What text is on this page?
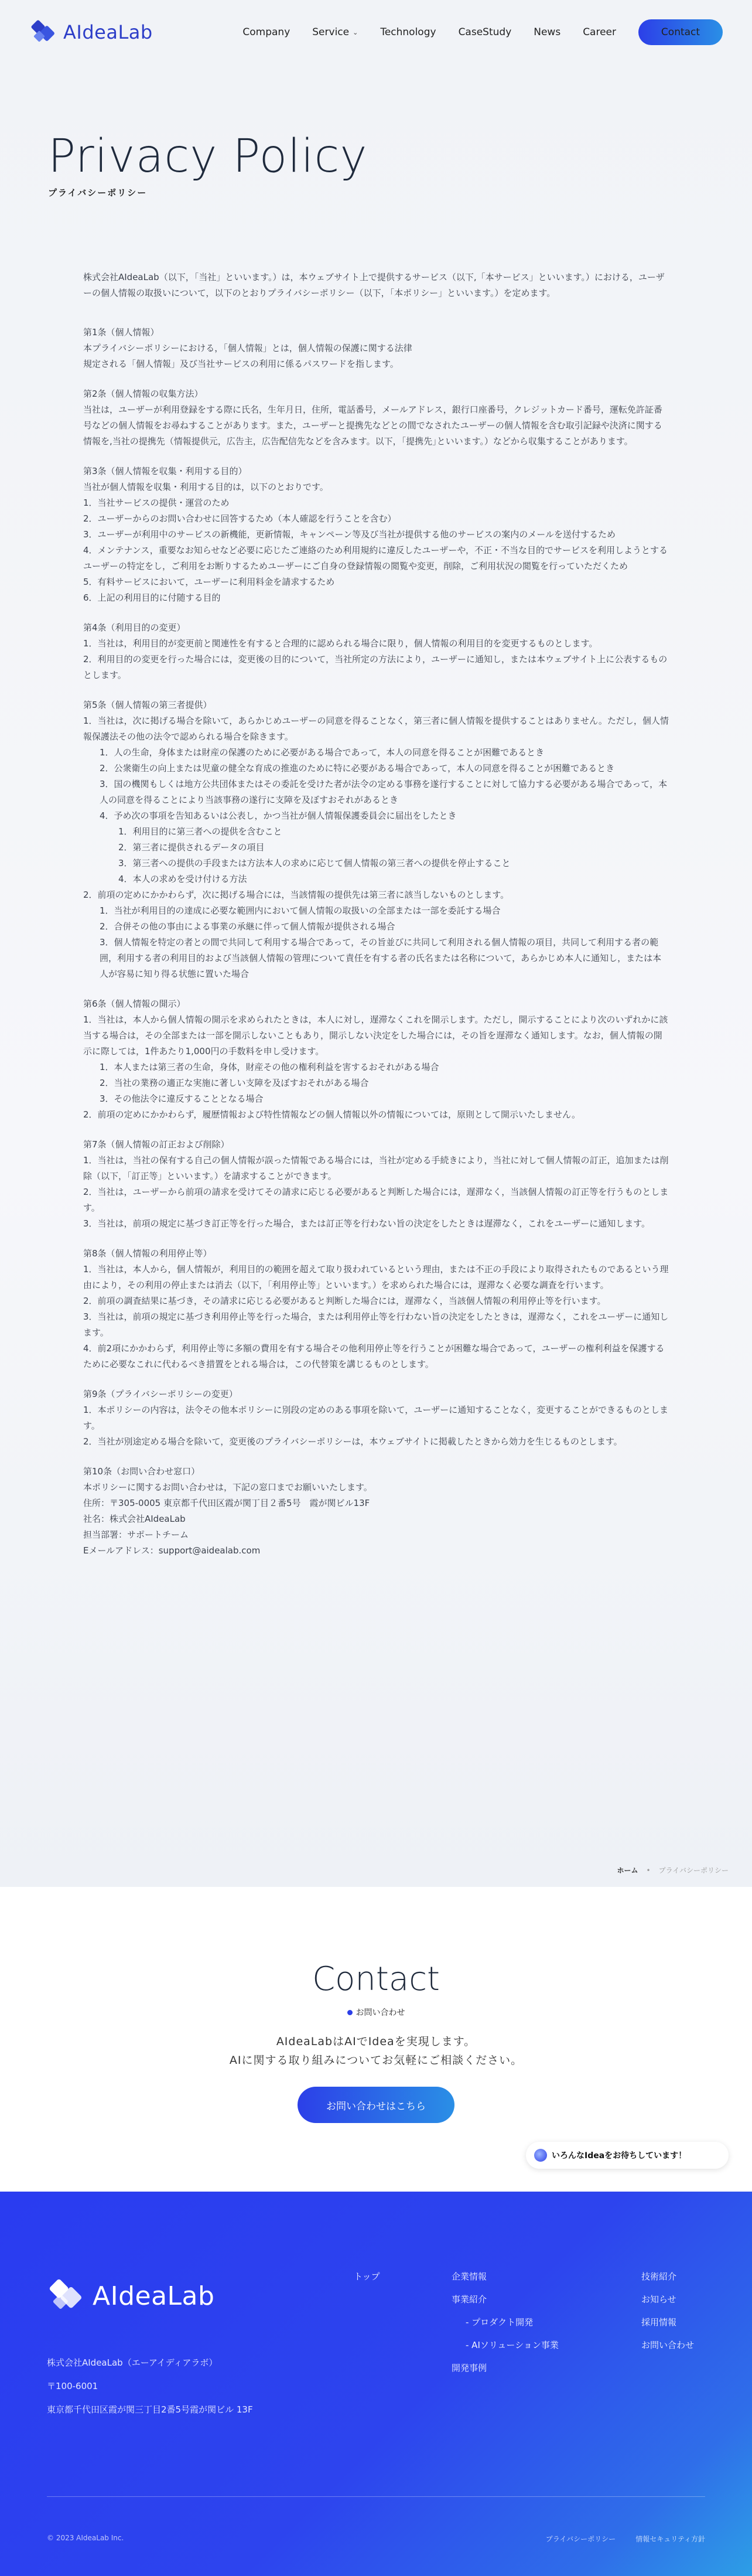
AIdeaLab	Company Service ⌄ Technology CaseStudy News Career	Contact
Privacy Policy
プライバシーポリシー

株式会社AIdeaLab（以下，「当社」といいます。）は，本ウェブサイト上で提供するサービス（以下,「本サービス」といいます。）における，ユーザーの個人情報の取扱いについて，以下のとおりプライバシーポリシー（以下，「本ポリシー」といいます。）を定めます。

第1条（個人情報）

本プライバシーポリシーにおける，「個人情報」とは，個人情報の保護に関する法律

規定される「個人情報」及び当社サービスの利用に係るパスワードを指します。

第2条（個人情報の収集方法）

当社は，ユーザーが利用登録をする際に氏名，生年月日，住所，電話番号，メールアドレス，銀行口座番号，クレジットカード番号，運転免許証番号などの個人情報をお尋ねすることがあります。また，ユーザーと提携先などとの間でなされたユーザーの個人情報を含む取引記録や決済に関する情報を,当社の提携先（情報提供元，広告主，広告配信先などを含みます。以下，｢提携先｣といいます。）などから収集することがあります。

第3条（個人情報を収集・利用する目的）

当社が個人情報を収集・利用する目的は，以下のとおりです。

1．当社サービスの提供・運営のため

2．ユーザーからのお問い合わせに回答するため（本人確認を行うことを含む）

3．ユーザーが利用中のサービスの新機能，更新情報，キャンペーン等及び当社が提供する他のサービスの案内のメールを送付するため

4．メンテナンス，重要なお知らせなど必要に応じたご連絡のため利用規約に違反したユーザーや，不正・不当な目的でサービスを利用しようとするユーザーの特定をし，ご利用をお断りするためユーザーにご自身の登録情報の閲覧や変更，削除，ご利用状況の閲覧を行っていただくため

5．有料サービスにおいて，ユーザーに利用料金を請求するため

6．上記の利用目的に付随する目的

第4条（利用目的の変更）

1．当社は，利用目的が変更前と関連性を有すると合理的に認められる場合に限り，個人情報の利用目的を変更するものとします。

2．利用目的の変更を行った場合には，変更後の目的について，当社所定の方法により，ユーザーに通知し，または本ウェブサイト上に公表するものとします。

第5条（個人情報の第三者提供）

1．当社は，次に掲げる場合を除いて，あらかじめユーザーの同意を得ることなく，第三者に個人情報を提供することはありません。ただし，個人情報保護法その他の法令で認められる場合を除きます。

1．人の生命，身体または財産の保護のために必要がある場合であって，本人の同意を得ることが困難であるとき

2．公衆衛生の向上または児童の健全な育成の推進のために特に必要がある場合であって，本人の同意を得ることが困難であるとき

3．国の機関もしくは地方公共団体またはその委託を受けた者が法令の定める事務を遂行することに対して協力する必要がある場合であって，本人の同意を得ることにより当該事務の遂行に支障を及ぼすおそれがあるとき

4．予め次の事項を告知あるいは公表し，かつ当社が個人情報保護委員会に届出をしたとき

1．利用目的に第三者への提供を含むこと

2．第三者に提供されるデータの項目

3．第三者への提供の手段または方法本人の求めに応じて個人情報の第三者への提供を停止すること

4．本人の求めを受け付ける方法

2．前項の定めにかかわらず，次に掲げる場合には，当該情報の提供先は第三者に該当しないものとします。

1．当社が利用目的の達成に必要な範囲内において個人情報の取扱いの全部または一部を委託する場合

2．合併その他の事由による事業の承継に伴って個人情報が提供される場合

3．個人情報を特定の者との間で共同して利用する場合であって，その旨並びに共同して利用される個人情報の項目，共同して利用する者の範囲，利用する者の利用目的および当該個人情報の管理について責任を有する者の氏名または名称について，あらかじめ本人に通知し，または本人が容易に知り得る状態に置いた場合

第6条（個人情報の開示）

1．当社は，本人から個人情報の開示を求められたときは，本人に対し，遅滞なくこれを開示します。ただし，開示することにより次のいずれかに該当する場合は，その全部または一部を開示しないこともあり，開示しない決定をした場合には，その旨を遅滞なく通知します。なお，個人情報の開示に際しては，1件あたり1,000円の手数料を申し受けます。

1．本人または第三者の生命，身体，財産その他の権利利益を害するおそれがある場合

2．当社の業務の適正な実施に著しい支障を及ぼすおそれがある場合

3．その他法令に違反することとなる場合

2．前項の定めにかかわらず，履歴情報および特性情報などの個人情報以外の情報については，原則として開示いたしません。

第7条（個人情報の訂正および削除）

1．当社は，当社の保有する自己の個人情報が誤った情報である場合には，当社が定める手続きにより，当社に対して個人情報の訂正，追加または削除（以下，「訂正等」といいます。）を請求することができます。

2．当社は，ユーザーから前項の請求を受けてその請求に応じる必要があると判断した場合には，遅滞なく，当該個人情報の訂正等を行うものとします。

3．当社は，前項の規定に基づき訂正等を行った場合，または訂正等を行わない旨の決定をしたときは遅滞なく，これをユーザーに通知します。

第8条（個人情報の利用停止等）

1．当社は，本人から，個人情報が，利用目的の範囲を超えて取り扱われているという理由，または不正の手段により取得されたものであるという理由により，その利用の停止または消去（以下，「利用停止等」といいます。）を求められた場合には，遅滞なく必要な調査を行います。

2．前項の調査結果に基づき，その請求に応じる必要があると判断した場合には，遅滞なく，当該個人情報の利用停止等を行います。

3．当社は，前項の規定に基づき利用停止等を行った場合，または利用停止等を行わない旨の決定をしたときは，遅滞なく，これをユーザーに通知します。

4．前2項にかかわらず，利用停止等に多額の費用を有する場合その他利用停止等を行うことが困難な場合であって，ユーザーの権利利益を保護するために必要なこれに代わるべき措置をとれる場合は，この代替策を講じるものとします。

第9条（プライバシーポリシーの変更）

1．本ポリシーの内容は，法令その他本ポリシーに別段の定めのある事項を除いて，ユーザーに通知することなく，変更することができるものとします。

2．当社が別途定める場合を除いて，変更後のプライバシーポリシーは，本ウェブサイトに掲載したときから効力を生じるものとします。

第10条（お問い合わせ窓口）

本ポリシーに関するお問い合わせは，下記の窓口までお願いいたします。

住所：〒305-0005 東京都千代田区霞が関丁目２番5号　霞が関ビル13F

社名：株式会社AIdeaLab

担当部署：サポートチーム

Eメールアドレス：support@aidealab.com

ホーム • プライバシーポリシー
Contact
お問い合わせ

AIdeaLabはAIでIdeaを実現します。

AIに関する取り組みについてお気軽にご相談ください。

お問い合わせはこちら
いろんなIdeaをお待ちしています！
AIdeaLab

株式会社AIdeaLab（エーアイディアラボ）

〒100-6001

東京都千代田区霞が関三丁目2番5号霞が関ビル 13F

トップ	企業情報
事業紹介
- プロダクト開発
- AIソリューション事業
開発事例
技術紹介
お知らせ
採用情報
お問い合わせ
© 2023 AIdeaLab Inc.	プライバシーポリシー	情報セキュリティ方針
